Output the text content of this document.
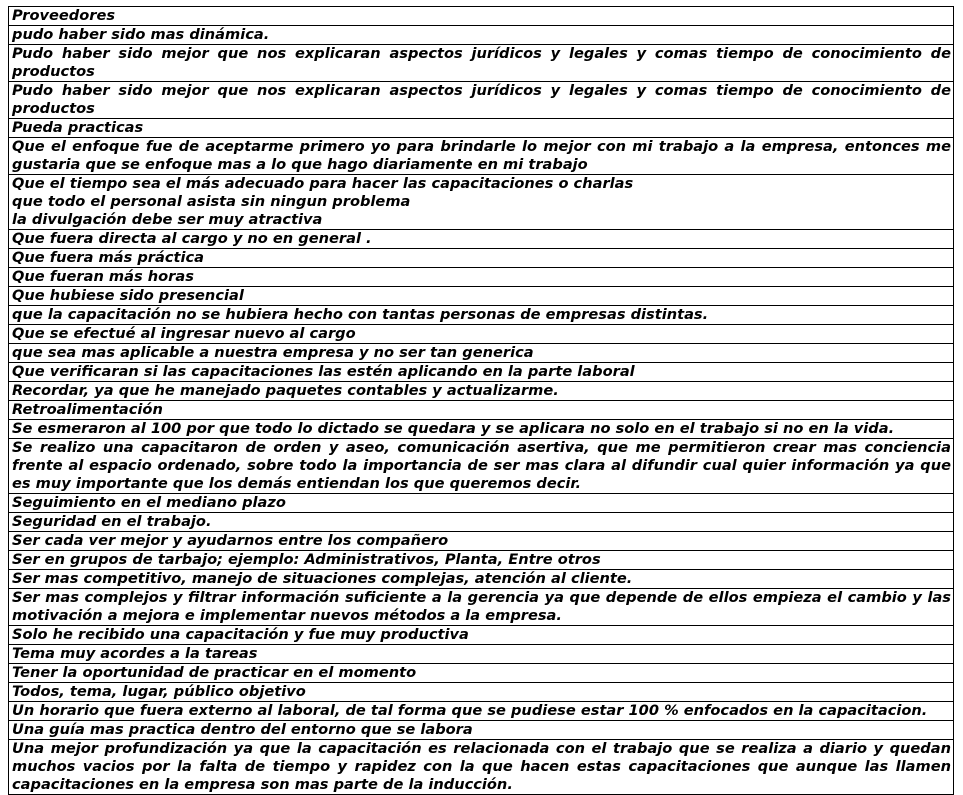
Proveedores
pudo haber sido mas dinámica.
Pudo haber sido mejor que nos explicaran aspectos jurídicos y legales y comas tiempo de conocimiento de productos
Pudo haber sido mejor que nos explicaran aspectos jurídicos y legales y comas tiempo de conocimiento de productos
Pueda practicas
Que el enfoque fue de aceptarme primero yo para brindarle lo mejor con mi trabajo a la empresa, entonces me gustaria que se enfoque mas a lo que hago diariamente en mi trabajo
Que el tiempo sea el más adecuado para hacer las capacitaciones o charlas
que todo el personal asista sin ningun problema
la divulgación debe ser muy atractiva
Que fuera directa al cargo y no en general .
Que fuera más práctica
Que fueran más horas
Que hubiese sido presencial
que la capacitación no se hubiera hecho con tantas personas de empresas distintas.
Que se efectué al ingresar nuevo al cargo
que sea mas aplicable a nuestra empresa y no ser tan generica
Que verificaran si las capacitaciones las estén aplicando en la parte laboral
Recordar, ya que he manejado paquetes contables y actualizarme.
Retroalimentación
Se esmeraron al 100 por que todo lo dictado se quedara y se aplicara no solo en el trabajo si no en la vida.
Se realizo una capacitaron de orden y aseo, comunicación asertiva, que me permitieron crear mas conciencia frente al espacio ordenado, sobre todo la importancia de ser mas clara al difundir cual quier información ya que es muy importante que los demás entiendan los que queremos decir.
Seguimiento en el mediano plazo
Seguridad en el trabajo.
Ser cada ver mejor y ayudarnos entre los compañero
Ser en grupos de tarbajo; ejemplo: Administrativos, Planta, Entre otros
Ser mas competitivo, manejo de situaciones complejas, atención al cliente.
Ser mas complejos y filtrar información suficiente a la gerencia ya que depende de ellos empieza el cambio y las motivación a mejora e implementar nuevos métodos a la empresa.
Solo he recibido una capacitación y fue muy productiva
Tema muy acordes a la tareas
Tener la oportunidad de practicar en el momento
Todos, tema, lugar, público objetivo
Un horario que fuera externo al laboral, de tal forma que se pudiese estar 100 % enfocados en la capacitacion.
Una guía mas practica dentro del entorno que se labora
Una mejor profundización ya que la capacitación es relacionada con el trabajo que se realiza a diario y quedan muchos vacios por la falta de tiempo y rapidez con la que hacen estas capacitaciones que aunque las llamen capacitaciones en la empresa son mas parte de la inducción.
